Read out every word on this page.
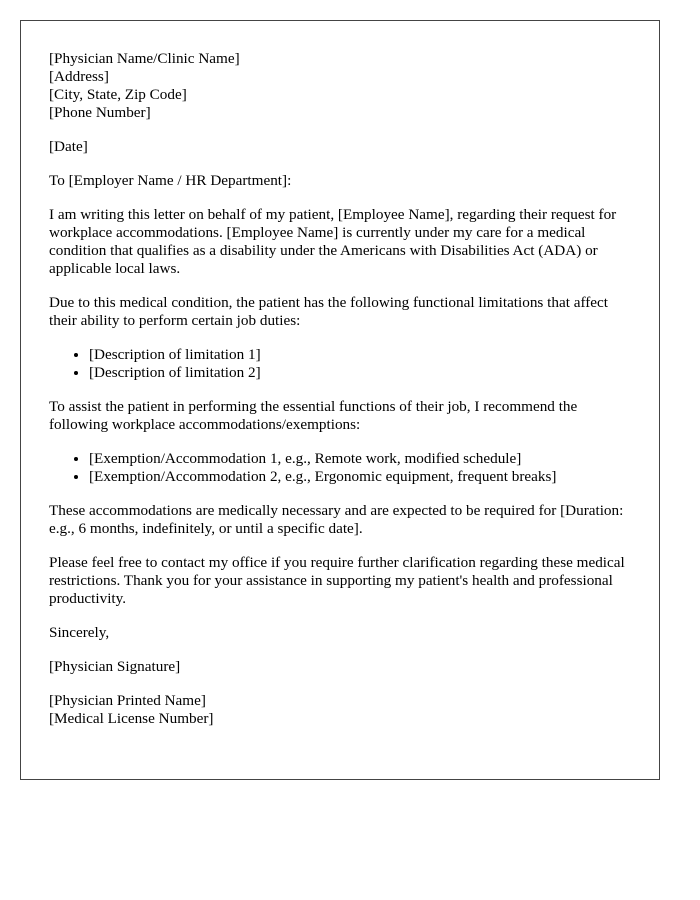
[Physician Name/Clinic Name]
[Address]
[City, State, Zip Code]
[Phone Number]

[Date]

To [Employer Name / HR Department]:

I am writing this letter on behalf of my patient, [Employee Name], regarding their request for workplace accommodations. [Employee Name] is currently under my care for a medical condition that qualifies as a disability under the Americans with Disabilities Act (ADA) or applicable local laws.

Due to this medical condition, the patient has the following functional limitations that affect their ability to perform certain job duties:

• [Description of limitation 1]
• [Description of limitation 2]

To assist the patient in performing the essential functions of their job, I recommend the following workplace accommodations/exemptions:

• [Exemption/Accommodation 1, e.g., Remote work, modified schedule]
• [Exemption/Accommodation 2, e.g., Ergonomic equipment, frequent breaks]

These accommodations are medically necessary and are expected to be required for [Duration: e.g., 6 months, indefinitely, or until a specific date].

Please feel free to contact my office if you require further clarification regarding these medical restrictions. Thank you for your assistance in supporting my patient's health and professional productivity.

Sincerely,

[Physician Signature]

[Physician Printed Name]
[Medical License Number]
